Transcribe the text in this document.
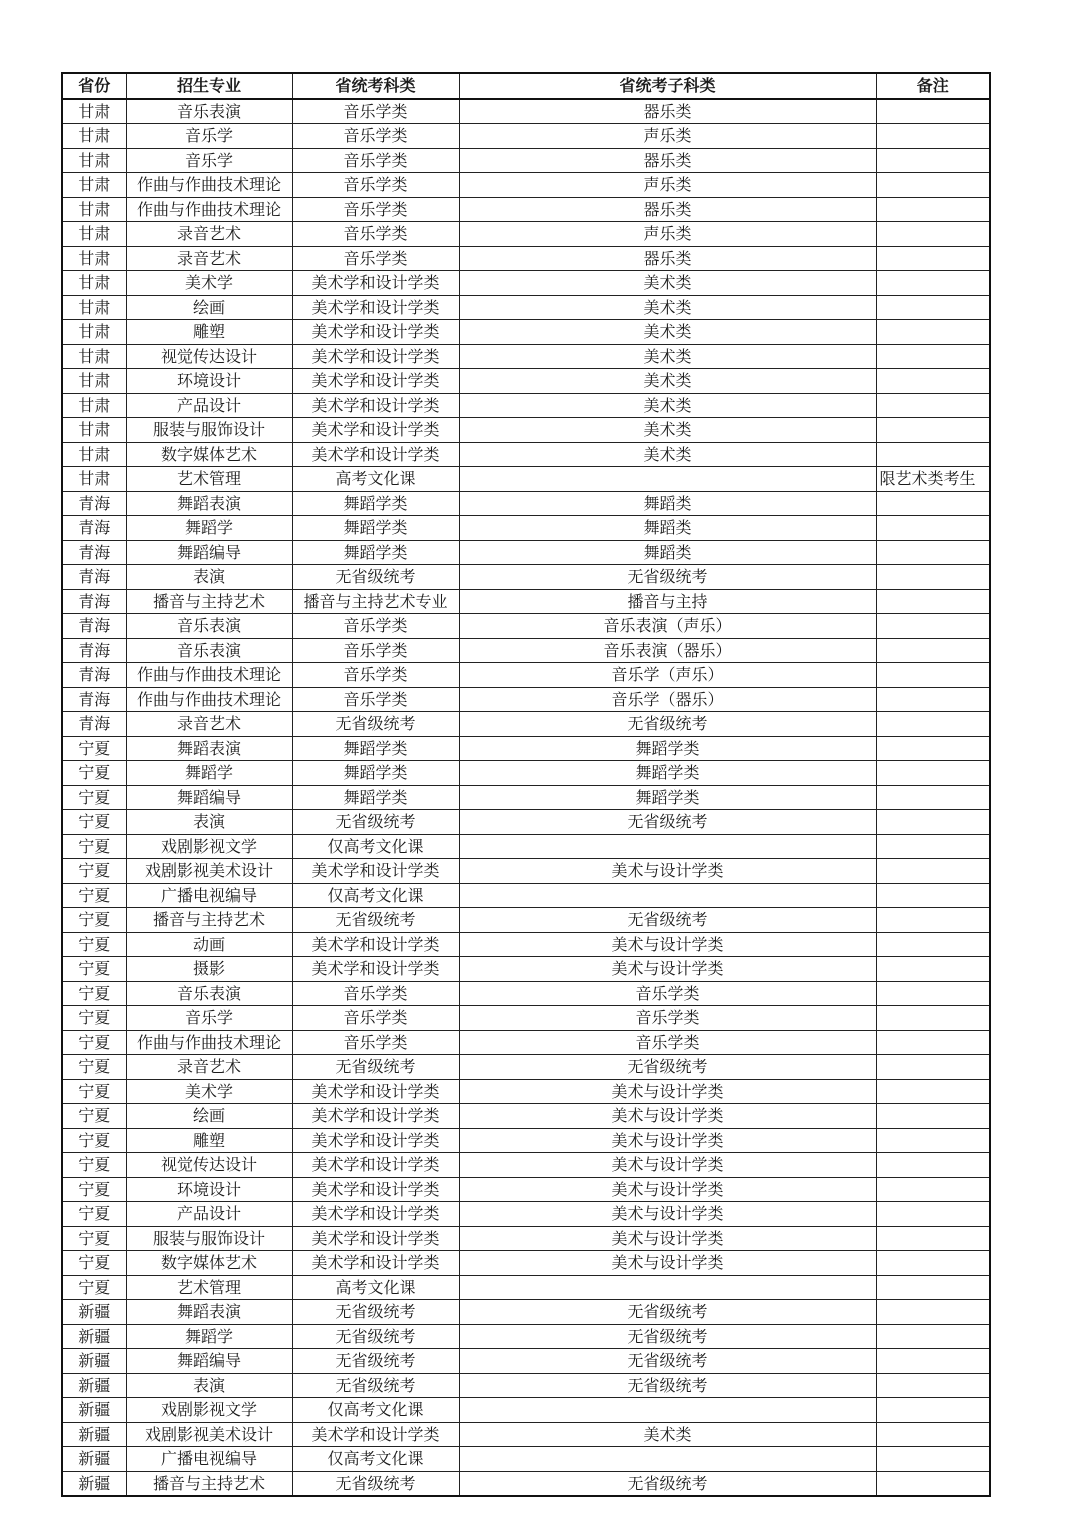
省份	招生专业	省统考科类	省统考子科类	备注
甘肃	音乐表演	音乐学类	器乐类	
甘肃	音乐学	音乐学类	声乐类	
甘肃	音乐学	音乐学类	器乐类	
甘肃	作曲与作曲技术理论	音乐学类	声乐类	
甘肃	作曲与作曲技术理论	音乐学类	器乐类	
甘肃	录音艺术	音乐学类	声乐类	
甘肃	录音艺术	音乐学类	器乐类	
甘肃	美术学	美术学和设计学类	美术类	
甘肃	绘画	美术学和设计学类	美术类	
甘肃	雕塑	美术学和设计学类	美术类	
甘肃	视觉传达设计	美术学和设计学类	美术类	
甘肃	环境设计	美术学和设计学类	美术类	
甘肃	产品设计	美术学和设计学类	美术类	
甘肃	服装与服饰设计	美术学和设计学类	美术类	
甘肃	数字媒体艺术	美术学和设计学类	美术类	
甘肃	艺术管理	高考文化课		限艺术类考生
青海	舞蹈表演	舞蹈学类	舞蹈类	
青海	舞蹈学	舞蹈学类	舞蹈类	
青海	舞蹈编导	舞蹈学类	舞蹈类	
青海	表演	无省级统考	无省级统考	
青海	播音与主持艺术	播音与主持艺术专业	播音与主持	
青海	音乐表演	音乐学类	音乐表演（声乐）	
青海	音乐表演	音乐学类	音乐表演（器乐）	
青海	作曲与作曲技术理论	音乐学类	音乐学（声乐）	
青海	作曲与作曲技术理论	音乐学类	音乐学（器乐）	
青海	录音艺术	无省级统考	无省级统考	
宁夏	舞蹈表演	舞蹈学类	舞蹈学类	
宁夏	舞蹈学	舞蹈学类	舞蹈学类	
宁夏	舞蹈编导	舞蹈学类	舞蹈学类	
宁夏	表演	无省级统考	无省级统考	
宁夏	戏剧影视文学	仅高考文化课		
宁夏	戏剧影视美术设计	美术学和设计学类	美术与设计学类	
宁夏	广播电视编导	仅高考文化课		
宁夏	播音与主持艺术	无省级统考	无省级统考	
宁夏	动画	美术学和设计学类	美术与设计学类	
宁夏	摄影	美术学和设计学类	美术与设计学类	
宁夏	音乐表演	音乐学类	音乐学类	
宁夏	音乐学	音乐学类	音乐学类	
宁夏	作曲与作曲技术理论	音乐学类	音乐学类	
宁夏	录音艺术	无省级统考	无省级统考	
宁夏	美术学	美术学和设计学类	美术与设计学类	
宁夏	绘画	美术学和设计学类	美术与设计学类	
宁夏	雕塑	美术学和设计学类	美术与设计学类	
宁夏	视觉传达设计	美术学和设计学类	美术与设计学类	
宁夏	环境设计	美术学和设计学类	美术与设计学类	
宁夏	产品设计	美术学和设计学类	美术与设计学类	
宁夏	服装与服饰设计	美术学和设计学类	美术与设计学类	
宁夏	数字媒体艺术	美术学和设计学类	美术与设计学类	
宁夏	艺术管理	高考文化课		
新疆	舞蹈表演	无省级统考	无省级统考	
新疆	舞蹈学	无省级统考	无省级统考	
新疆	舞蹈编导	无省级统考	无省级统考	
新疆	表演	无省级统考	无省级统考	
新疆	戏剧影视文学	仅高考文化课		
新疆	戏剧影视美术设计	美术学和设计学类	美术类	
新疆	广播电视编导	仅高考文化课		
新疆	播音与主持艺术	无省级统考	无省级统考	
